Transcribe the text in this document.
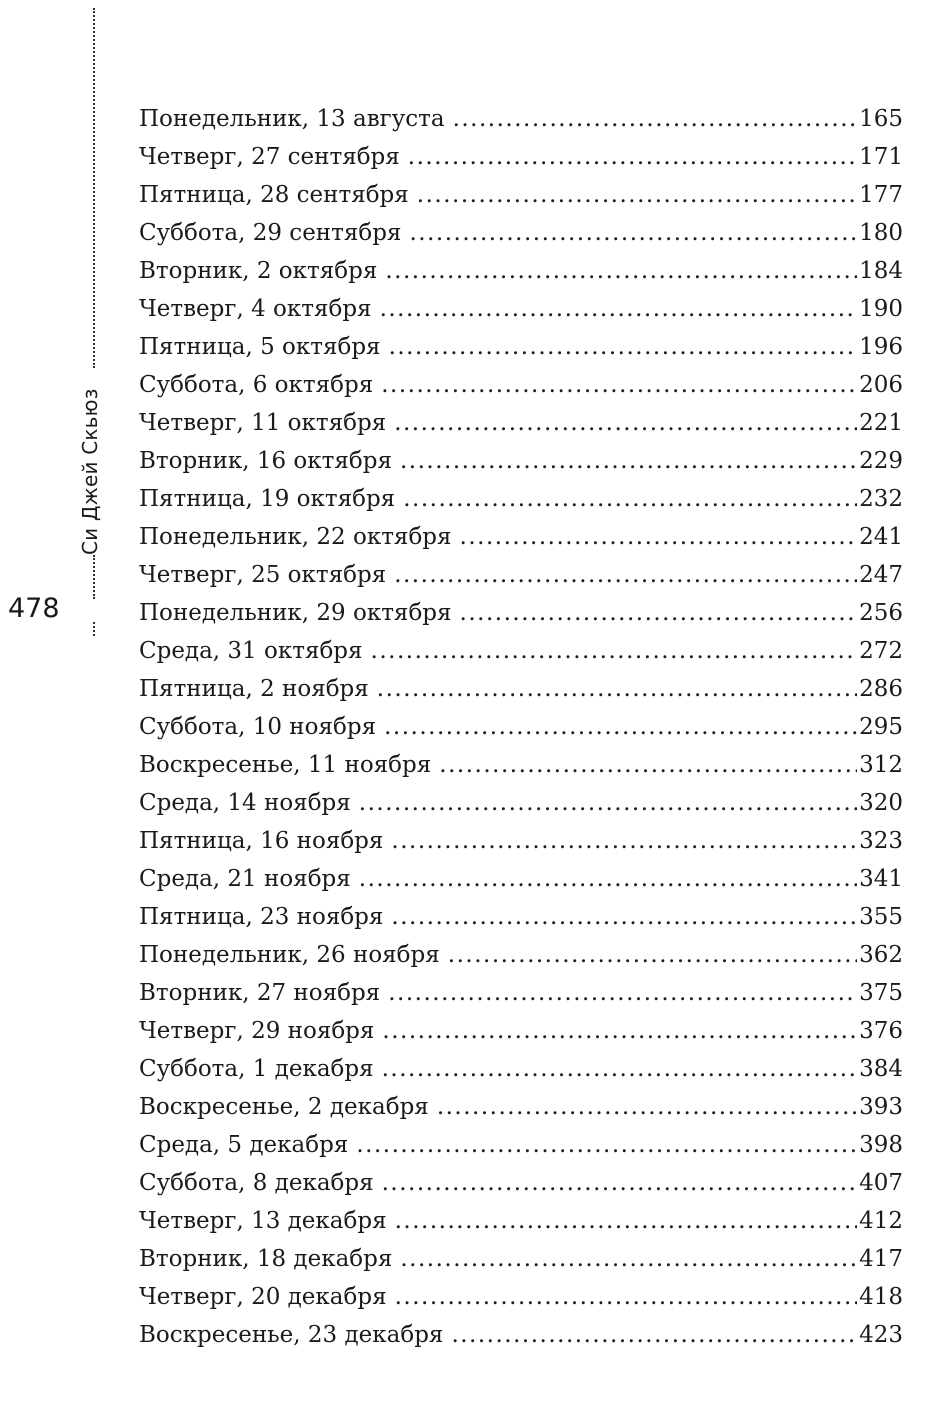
Си Джей Скьюз
478
Понедельник, 13 августа .....	165
Четверг, 27 сентября .....	171
Пятница, 28 сентября .....	177
Суббота, 29 сентября .....	180
Вторник, 2 октября .....	184
Четверг, 4 октября .....	190
Пятница, 5 октября .....	196
Суббота, 6 октября .....	206
Четверг, 11 октября .....	221
Вторник, 16 октября .....	229
Пятница, 19 октября .....	232
Понедельник, 22 октября .....	241
Четверг, 25 октября .....	247
Понедельник, 29 октября .....	256
Среда, 31 октября .....	272
Пятница, 2 ноября .....	286
Суббота, 10 ноября .....	295
Воскресенье, 11 ноября .....	312
Среда, 14 ноября .....	320
Пятница, 16 ноября .....	323
Среда, 21 ноября .....	341
Пятница, 23 ноября .....	355
Понедельник, 26 ноября .....	362
Вторник, 27 ноября .....	375
Четверг, 29 ноября .....	376
Суббота, 1 декабря .....	384
Воскресенье, 2 декабря .....	393
Среда, 5 декабря .....	398
Суббота, 8 декабря .....	407
Четверг, 13 декабря .....	412
Вторник, 18 декабря .....	417
Четверг, 20 декабря .....	418
Воскресенье, 23 декабря .....	423
